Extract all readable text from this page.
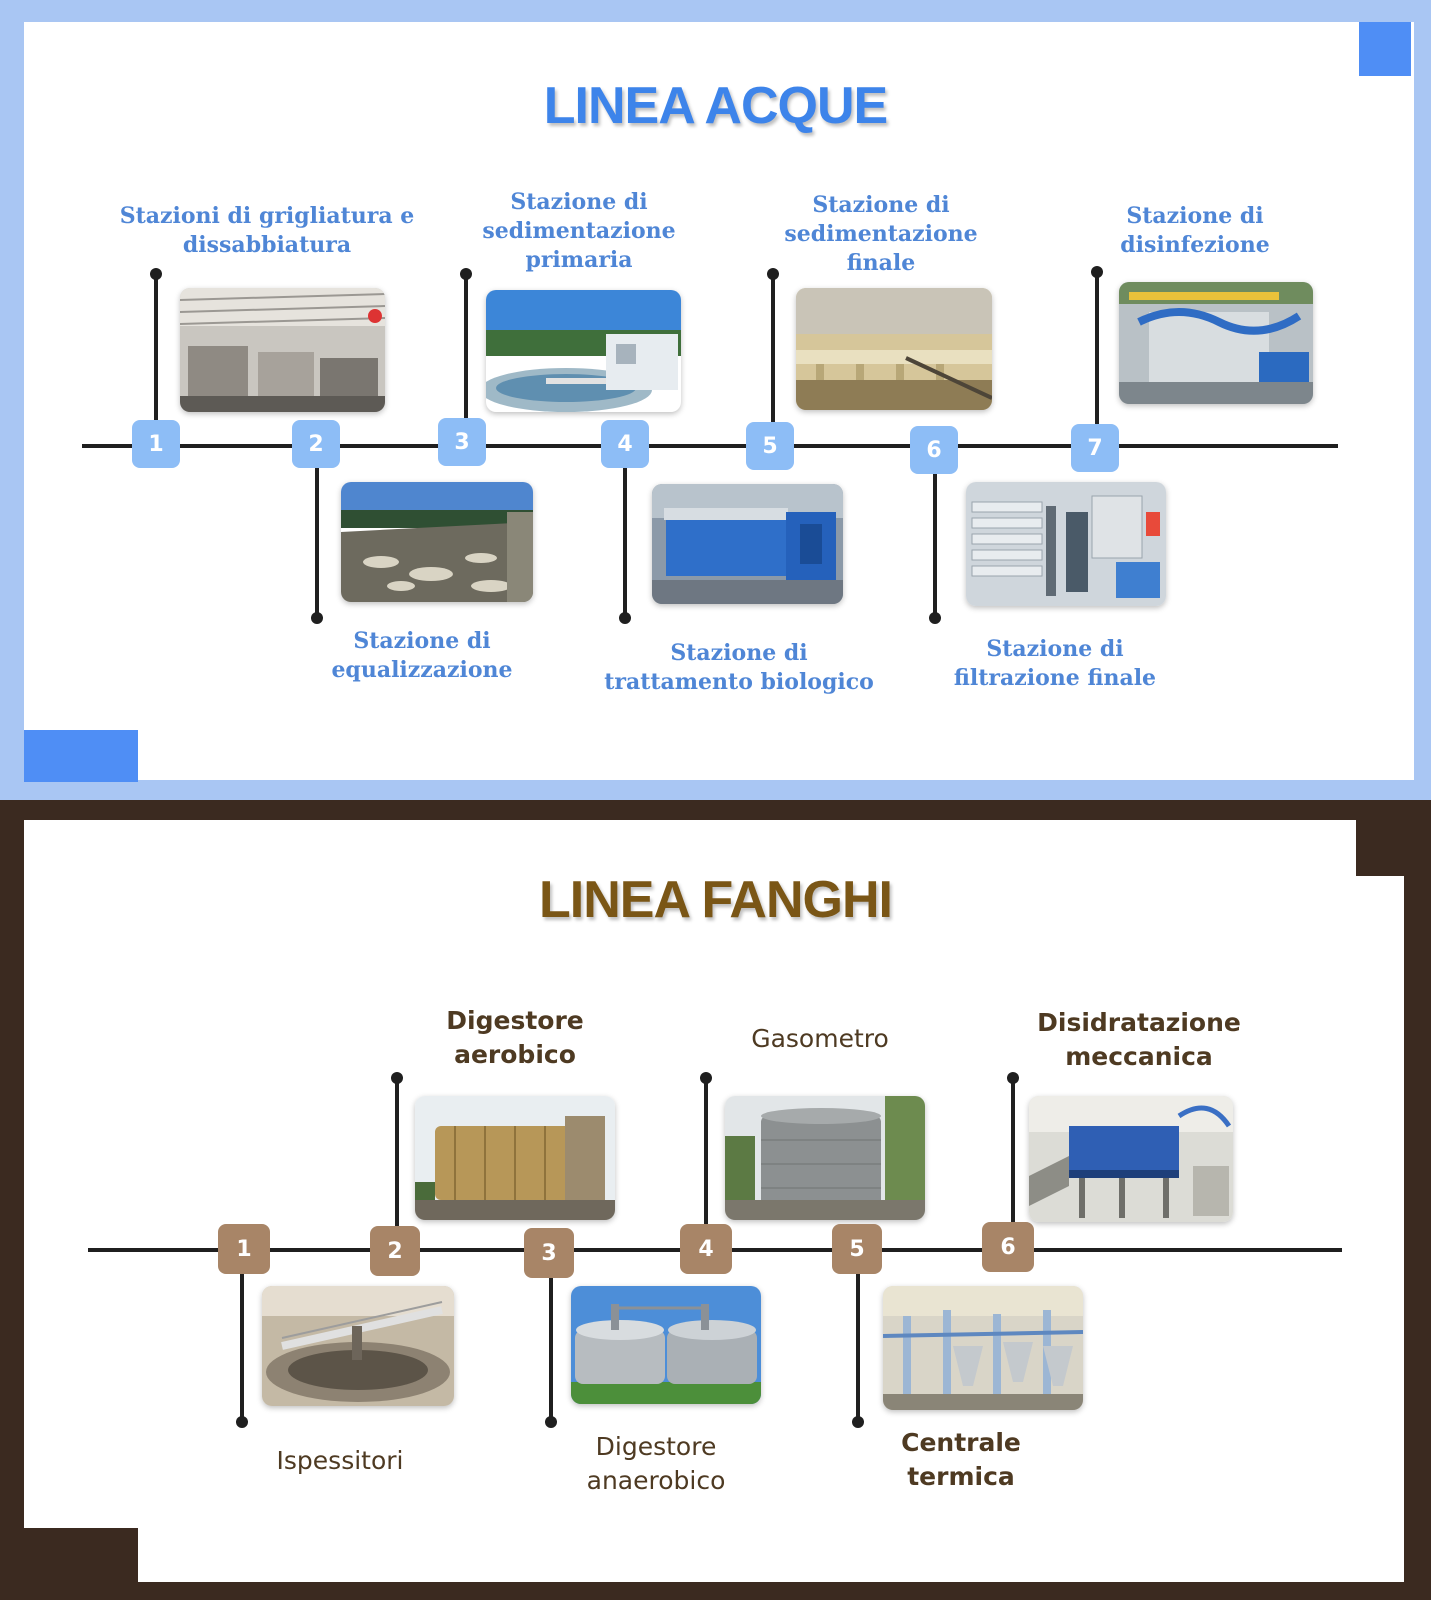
LINEA ACQUE
1
Stazioni di grigliatura e dissabbiatura
2
Stazione di equalizzazione
3
Stazione di sedimentazione primaria
4
Stazione di trattamento biologico
5
Stazione di sedimentazione finale
6
Stazione di filtrazione finale
7
Stazione di disinfezione
LINEA FANGHI
1
Ispessitori
2
Digestore aerobico
3
Digestore anaerobico
4
Gasometro
5
Centrale termica
6
Disidratazione meccanica
